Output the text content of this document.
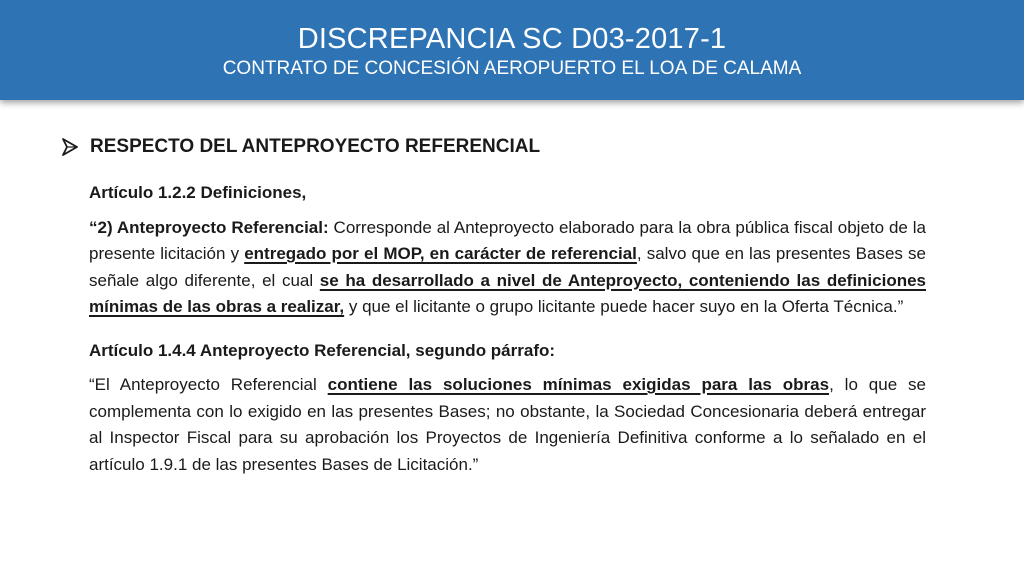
DISCREPANCIA SC D03-2017-1
CONTRATO DE CONCESIÓN AEROPUERTO EL LOA DE CALAMA
RESPECTO DEL ANTEPROYECTO REFERENCIAL

Artículo 1.2.2 Definiciones,

“2) Anteproyecto Referencial: Corresponde al Anteproyecto elaborado para la obra pública fiscal objeto de la presente licitación y entregado por el MOP, en carácter de referencial, salvo que en las presentes Bases se señale algo diferente, el cual se ha desarrollado a nivel de Anteproyecto, conteniendo las definiciones mínimas de las obras a realizar, y que el licitante o grupo licitante puede hacer suyo en la Oferta Técnica.”

Artículo 1.4.4 Anteproyecto Referencial, segundo párrafo:

“El Anteproyecto Referencial contiene las soluciones mínimas exigidas para las obras, lo que se complementa con lo exigido en las presentes Bases; no obstante, la Sociedad Concesionaria deberá entregar al Inspector Fiscal para su aprobación los Proyectos de Ingeniería Definitiva conforme a lo señalado en el artículo 1.9.1 de las presentes Bases de Licitación.”
